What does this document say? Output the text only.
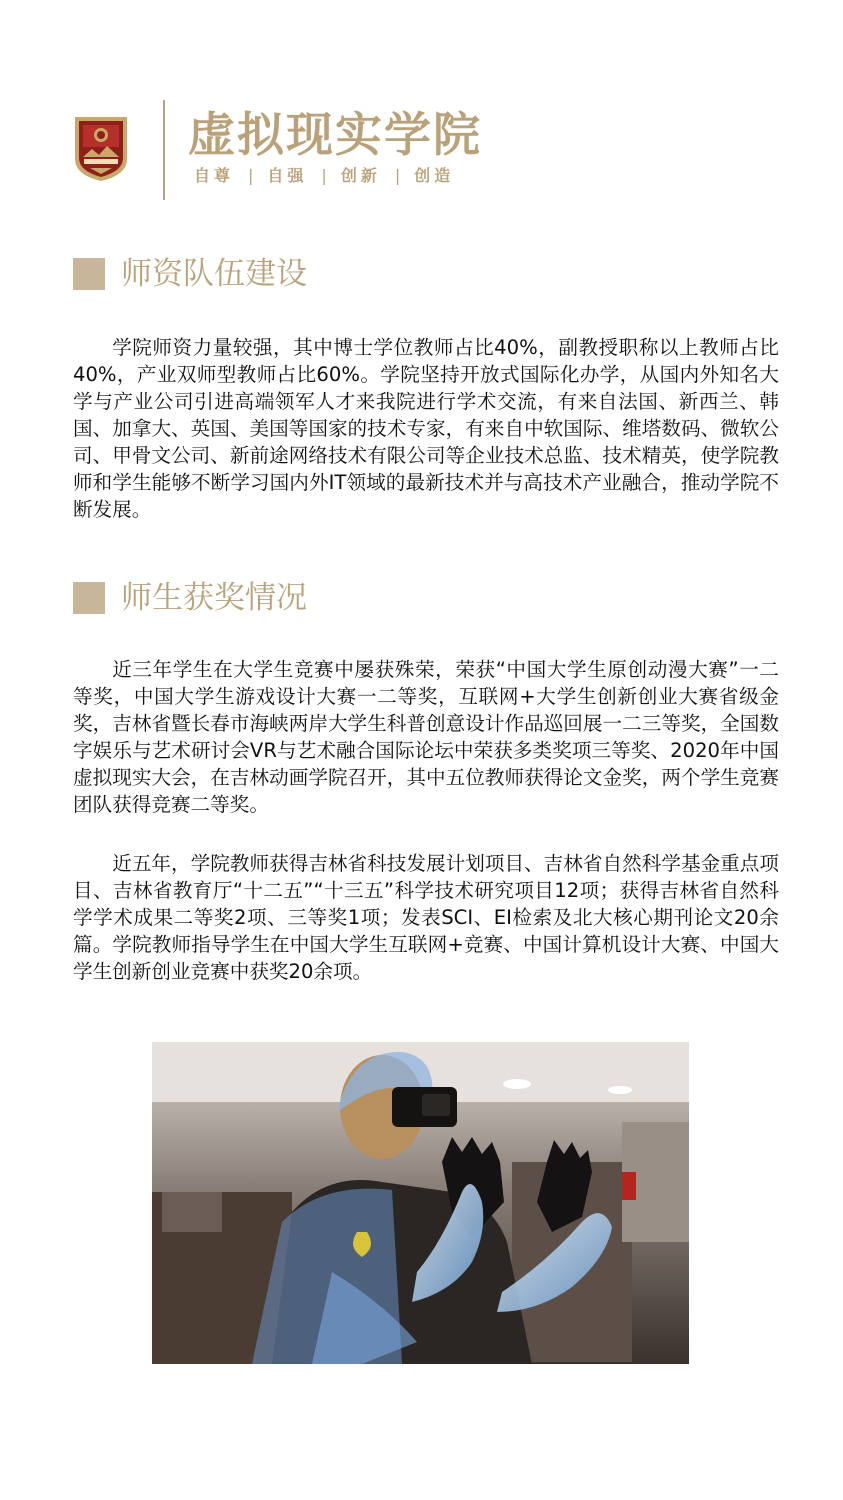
虚拟现实学院
自尊 | 自强 | 创新 | 创造
师资队伍建设
学院师资力量较强，其中博士学位教师占比40%，副教授职称以上教师占比40%，产业双师型教师占比60%。学院坚持开放式国际化办学，从国内外知名大学与产业公司引进高端领军人才来我院进行学术交流，有来自法国、新西兰、韩国、加拿大、英国、美国等国家的技术专家，有来自中软国际、维塔数码、微软公司、甲骨文公司、新前途网络技术有限公司等企业技术总监、技术精英，使学院教师和学生能够不断学习国内外IT领域的最新技术并与高技术产业融合，推动学院不断发展。
师生获奖情况
近三年学生在大学生竞赛中屡获殊荣，荣获“中国大学生原创动漫大赛”一二等奖，中国大学生游戏设计大赛一二等奖，互联网+大学生创新创业大赛省级金奖，吉林省暨长春市海峡两岸大学生科普创意设计作品巡回展一二三等奖，全国数字娱乐与艺术研讨会VR与艺术融合国际论坛中荣获多类奖项三等奖、2020年中国虚拟现实大会，在吉林动画学院召开，其中五位教师获得论文金奖，两个学生竞赛团队获得竞赛二等奖。
近五年，学院教师获得吉林省科技发展计划项目、吉林省自然科学基金重点项目、吉林省教育厅“十二五”“十三五”科学技术研究项目12项；获得吉林省自然科学学术成果二等奖2项、三等奖1项；发表SCI、EI检索及北大核心期刊论文20余篇。学院教师指导学生在中国大学生互联网+竞赛、中国计算机设计大赛、中国大学生创新创业竞赛中获奖20余项。
